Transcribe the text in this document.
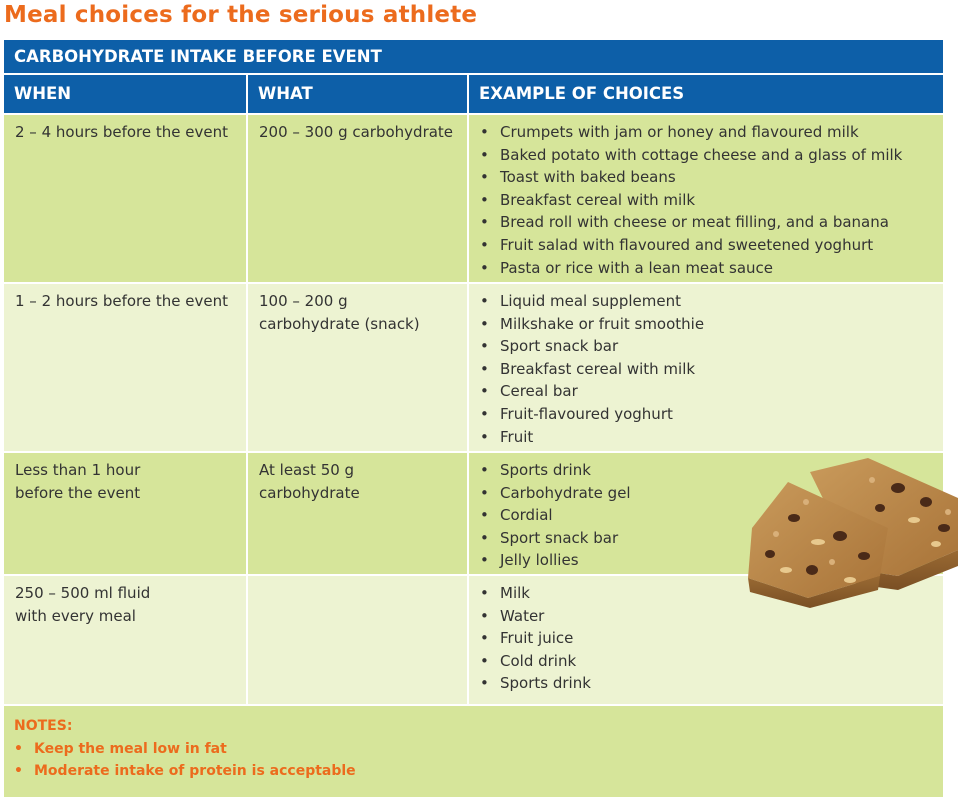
Meal choices for the serious athlete
CARBOHYDRATE INTAKE BEFORE EVENT
WHEN	WHAT	EXAMPLE OF CHOICES
2 – 4 hours before the event	200 – 300 g carbohydrate
•	Crumpets with jam or honey and flavoured milk
• Baked potato with cottage cheese and a glass of milk
• Toast with baked beans
• Breakfast cereal with milk
• Bread roll with cheese or meat filling, and a banana
• Fruit salad with flavoured and sweetened yoghurt
• Pasta or rice with a lean meat sauce
1 – 2 hours before the event	100 – 200 g
carbohydrate (snack)
• Liquid meal supplement
• Milkshake or fruit smoothie
• Sport snack bar
• Breakfast cereal with milk
• Cereal bar
• Fruit-flavoured yoghurt
• Fruit
Less than 1 hour
before the event
At least 50 g
carbohydrate
• Sports drink
• Carbohydrate gel
• Cordial
• Sport snack bar
• Jelly lollies
250 – 500 ml fluid
with every meal
• Milk
• Water
• Fruit juice
• Cold drink
• Sports drink
NOTES:
• Keep the meal low in fat
• Moderate intake of protein is acceptable
